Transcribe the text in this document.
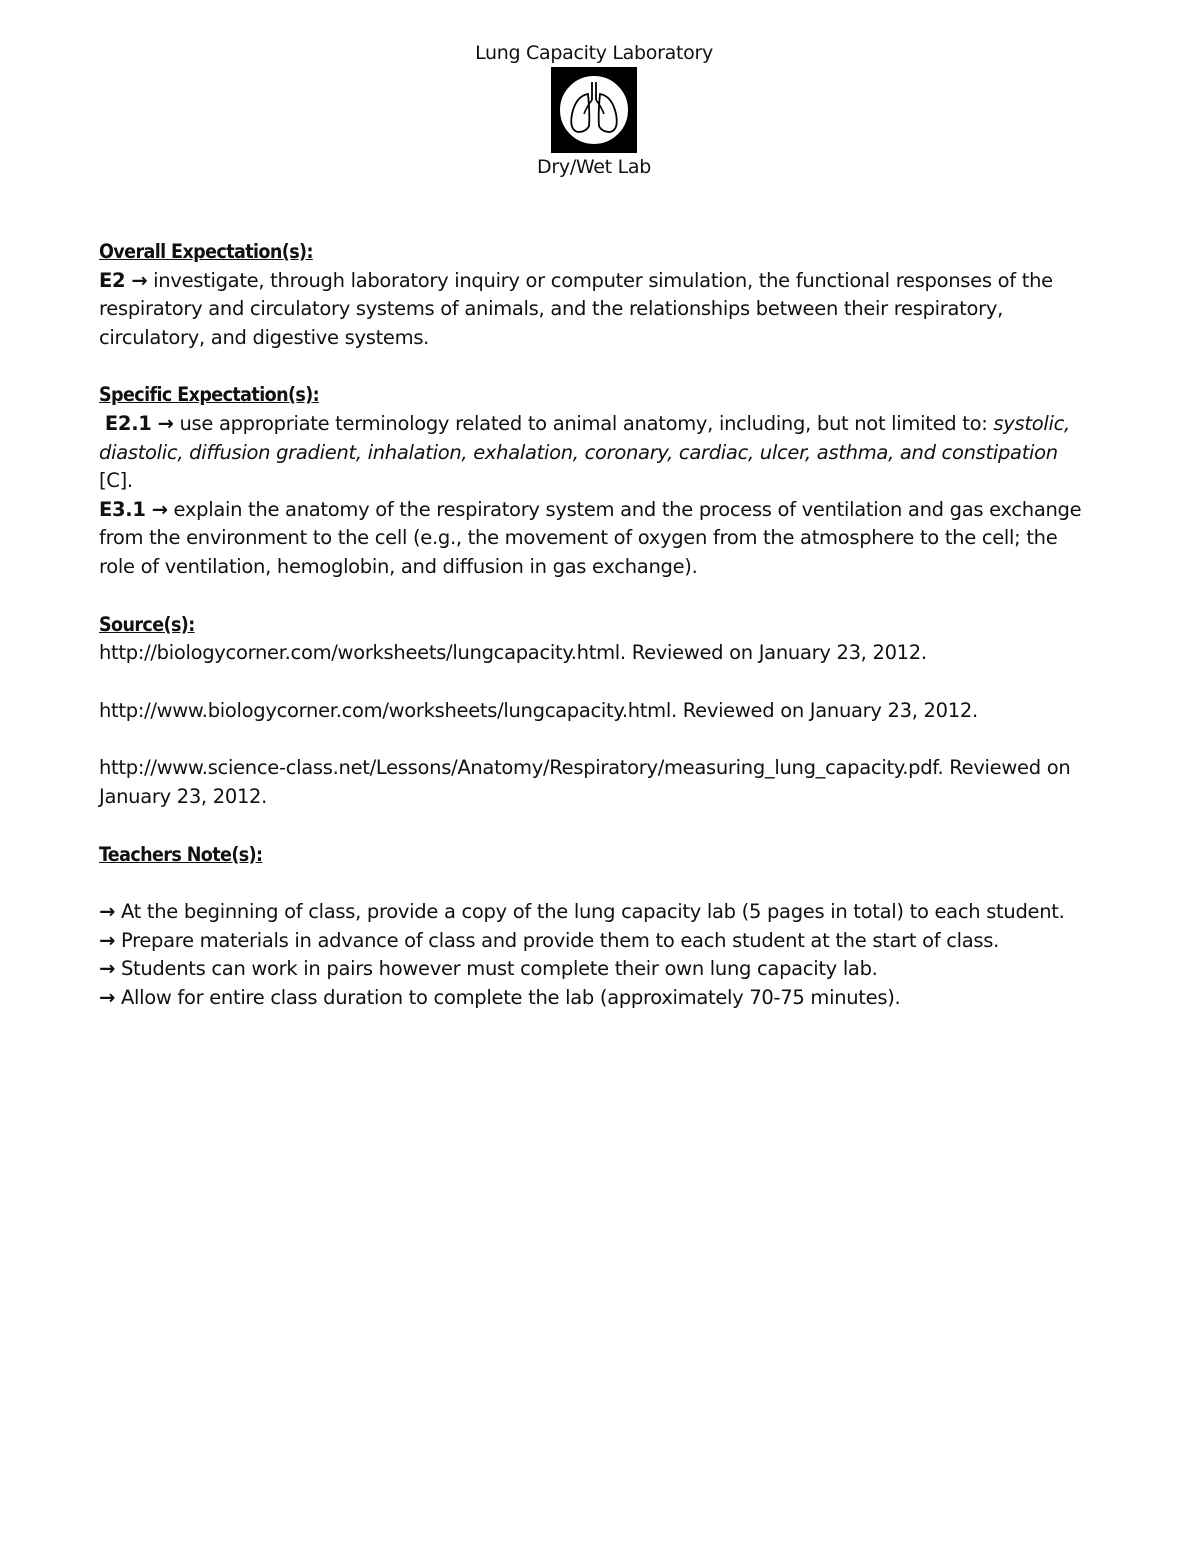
Lung Capacity Laboratory
Dry/Wet Lab
Overall Expectation(s):

E2 → investigate, through laboratory inquiry or computer simulation, the functional responses of the respiratory and circulatory systems of animals, and the relationships between their respiratory, circulatory, and digestive systems.

Specific Expectation(s):

E2.1 → use appropriate terminology related to animal anatomy, including, but not limited to: systolic, diastolic, diffusion gradient, inhalation, exhalation, coronary, cardiac, ulcer, asthma, and constipation [C].

E3.1 → explain the anatomy of the respiratory system and the process of ventilation and gas exchange from the environment to the cell (e.g., the movement of oxygen from the atmosphere to the cell; the role of ventilation, hemoglobin, and diffusion in gas exchange).

Source(s):

http://biologycorner.com/worksheets/lungcapacity.html. Reviewed on January 23, 2012.

http://www.biologycorner.com/worksheets/lungcapacity.html. Reviewed on January 23, 2012.

http://www.science-class.net/Lessons/Anatomy/Respiratory/measuring_lung_capacity.pdf. Reviewed on January 23, 2012.

Teachers Note(s):

→ At the beginning of class, provide a copy of the lung capacity lab (5 pages in total) to each student.

→ Prepare materials in advance of class and provide them to each student at the start of class.

→ Students can work in pairs however must complete their own lung capacity lab.

→ Allow for entire class duration to complete the lab (approximately 70-75 minutes).
